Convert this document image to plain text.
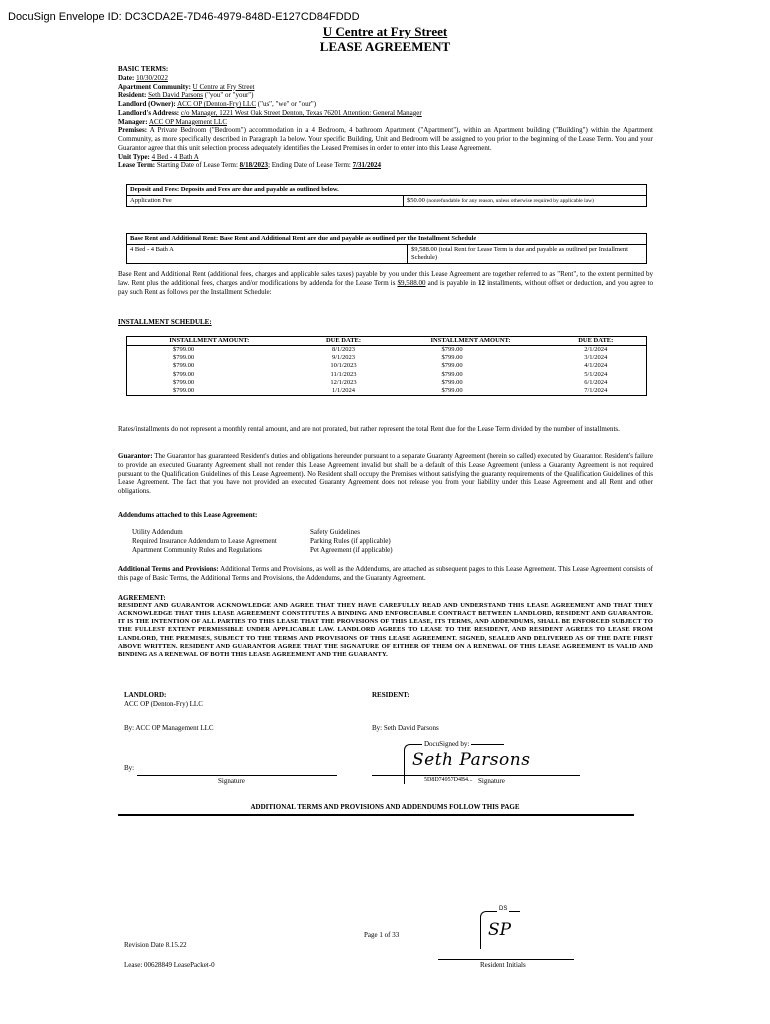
DocuSign Envelope ID: DC3CDA2E-7D46-4979-848D-E127CD84FDDD
U Centre at Fry Street
LEASE AGREEMENT
BASIC TERMS:
Date: 10/30/2022
Apartment Community: U Centre at Fry Street
Resident: Seth David Parsons ("you" or "your")
Landlord (Owner): ACC OP (Denton-Fry) LLC ("us", "we" or "our")
Landlord's Address: c/o Manager, 1221 West Oak Street Denton, Texas 76201 Attention: General Manager
Manager: ACC OP Management LLC
Premises: A Private Bedroom ("Bedroom") accommodation in a 4 Bedroom, 4 bathroom Apartment ("Apartment"), within an Apartment building ("Building") within the Apartment Community, as more specifically described in Paragraph 1a below. Your specific Building, Unit and Bedroom will be assigned to you prior to the beginning of the Lease Term. You and your Guarantor agree that this unit selection process adequately identifies the Leased Premises in order to enter into this Lease Agreement.
Unit Type: 4 Bed - 4 Bath A
Lease Term: Starting Date of Lease Term: 8/18/2023; Ending Date of Lease Term: 7/31/2024
Deposit and Fees: Deposits and Fees are due and payable as outlined below.
Application Fee	$50.00 (nonrefundable for any reason, unless otherwise required by applicable law)
Base Rent and Additional Rent: Base Rent and Additional Rent are due and payable as outlined per the Installment Schedule
4 Bed - 4 Bath A	$9,588.00 (total Rent for Lease Term is due and payable as outlined per Installment Schedule)
Base Rent and Additional Rent (additional fees, charges and applicable sales taxes) payable by you under this Lease Agreement are together referred to as "Rent", to the extent permitted by law. Rent plus the additional fees, charges and/or modifications by addenda for the Lease Term is $9,588.00 and is payable in 12 installments, without offset or deduction, and you agree to pay such Rent as follows per the Installment Schedule:
INSTALLMENT SCHEDULE:
INSTALLMENT AMOUNT:	DUE DATE:	INSTALLMENT AMOUNT:	DUE DATE:
$799.00	8/1/2023	$799.00	2/1/2024
$799.00	9/1/2023	$799.00	3/1/2024
$799.00	10/1/2023	$799.00	4/1/2024
$799.00	11/1/2023	$799.00	5/1/2024
$799.00	12/1/2023	$799.00	6/1/2024
$799.00	1/1/2024	$799.00	7/1/2024
Rates/installments do not represent a monthly rental amount, and are not prorated, but rather represent the total Rent due for the Lease Term divided by the number of installments.
Guarantor: The Guarantor has guaranteed Resident's duties and obligations hereunder pursuant to a separate Guaranty Agreement (herein so called) executed by Guarantor. Resident's failure to provide an executed Guaranty Agreement shall not render this Lease Agreement invalid but shall be a default of this Lease Agreement (unless a Guaranty Agreement is not required pursuant to the Qualification Guidelines of this Lease Agreement). No Resident shall occupy the Premises without satisfying the guaranty requirements of the Qualification Guidelines of this Lease Agreement. The fact that you have not provided an executed Guaranty Agreement does not release you from your liability under this Lease Agreement and all Rent and other obligations.
Addendums attached to this Lease Agreement:
Utility Addendum
Required Insurance Addendum to Lease Agreement
Apartment Community Rules and Regulations
Safety Guidelines
Parking Rules (if applicable)
Pet Agreement (if applicable)
Additional Terms and Provisions: Additional Terms and Provisions, as well as the Addendums, are attached as subsequent pages to this Lease Agreement. This Lease Agreement consists of this page of Basic Terms, the Additional Terms and Provisions, the Addendums, and the Guaranty Agreement.
AGREEMENT:
RESIDENT AND GUARANTOR ACKNOWLEDGE AND AGREE THAT THEY HAVE CAREFULLY READ AND UNDERSTAND THIS LEASE AGREEMENT AND THAT THEY ACKNOWLEDGE THAT THIS LEASE AGREEMENT CONSTITUTES A BINDING AND ENFORCEABLE CONTRACT BETWEEN LANDLORD, RESIDENT AND GUARANTOR. IT IS THE INTENTION OF ALL PARTIES TO THIS LEASE THAT THE PROVISIONS OF THIS LEASE, ITS TERMS, AND ADDENDUMS, SHALL BE ENFORCED SUBJECT TO THE FULLEST EXTENT PERMISSIBLE UNDER APPLICABLE LAW. LANDLORD AGREES TO LEASE TO THE RESIDENT, AND RESIDENT AGREES TO LEASE FROM LANDLORD, THE PREMISES, SUBJECT TO THE TERMS AND PROVISIONS OF THIS LEASE AGREEMENT. SIGNED, SEALED AND DELIVERED AS OF THE DATE FIRST ABOVE WRITTEN. RESIDENT AND GUARANTOR AGREE THAT THE SIGNATURE OF EITHER OF THEM ON A RENEWAL OF THIS LEASE AGREEMENT IS VALID AND BINDING AS A RENEWAL OF BOTH THIS LEASE AGREEMENT AND THE GUARANTY.
LANDLORD:
ACC OP (Denton-Fry) LLC
RESIDENT:
By: ACC OP Management LLC	By: Seth David Parsons
By:
Signature
DocuSigned by:
Seth Parsons
5D8D74957D4B4... Signature
ADDITIONAL TERMS AND PROVISIONS AND ADDENDUMS FOLLOW THIS PAGE
Page 1 of 33
Revision Date 8.15.22
Lease: 00628849 LeasePacket-0
DS
SP
Resident Initials
